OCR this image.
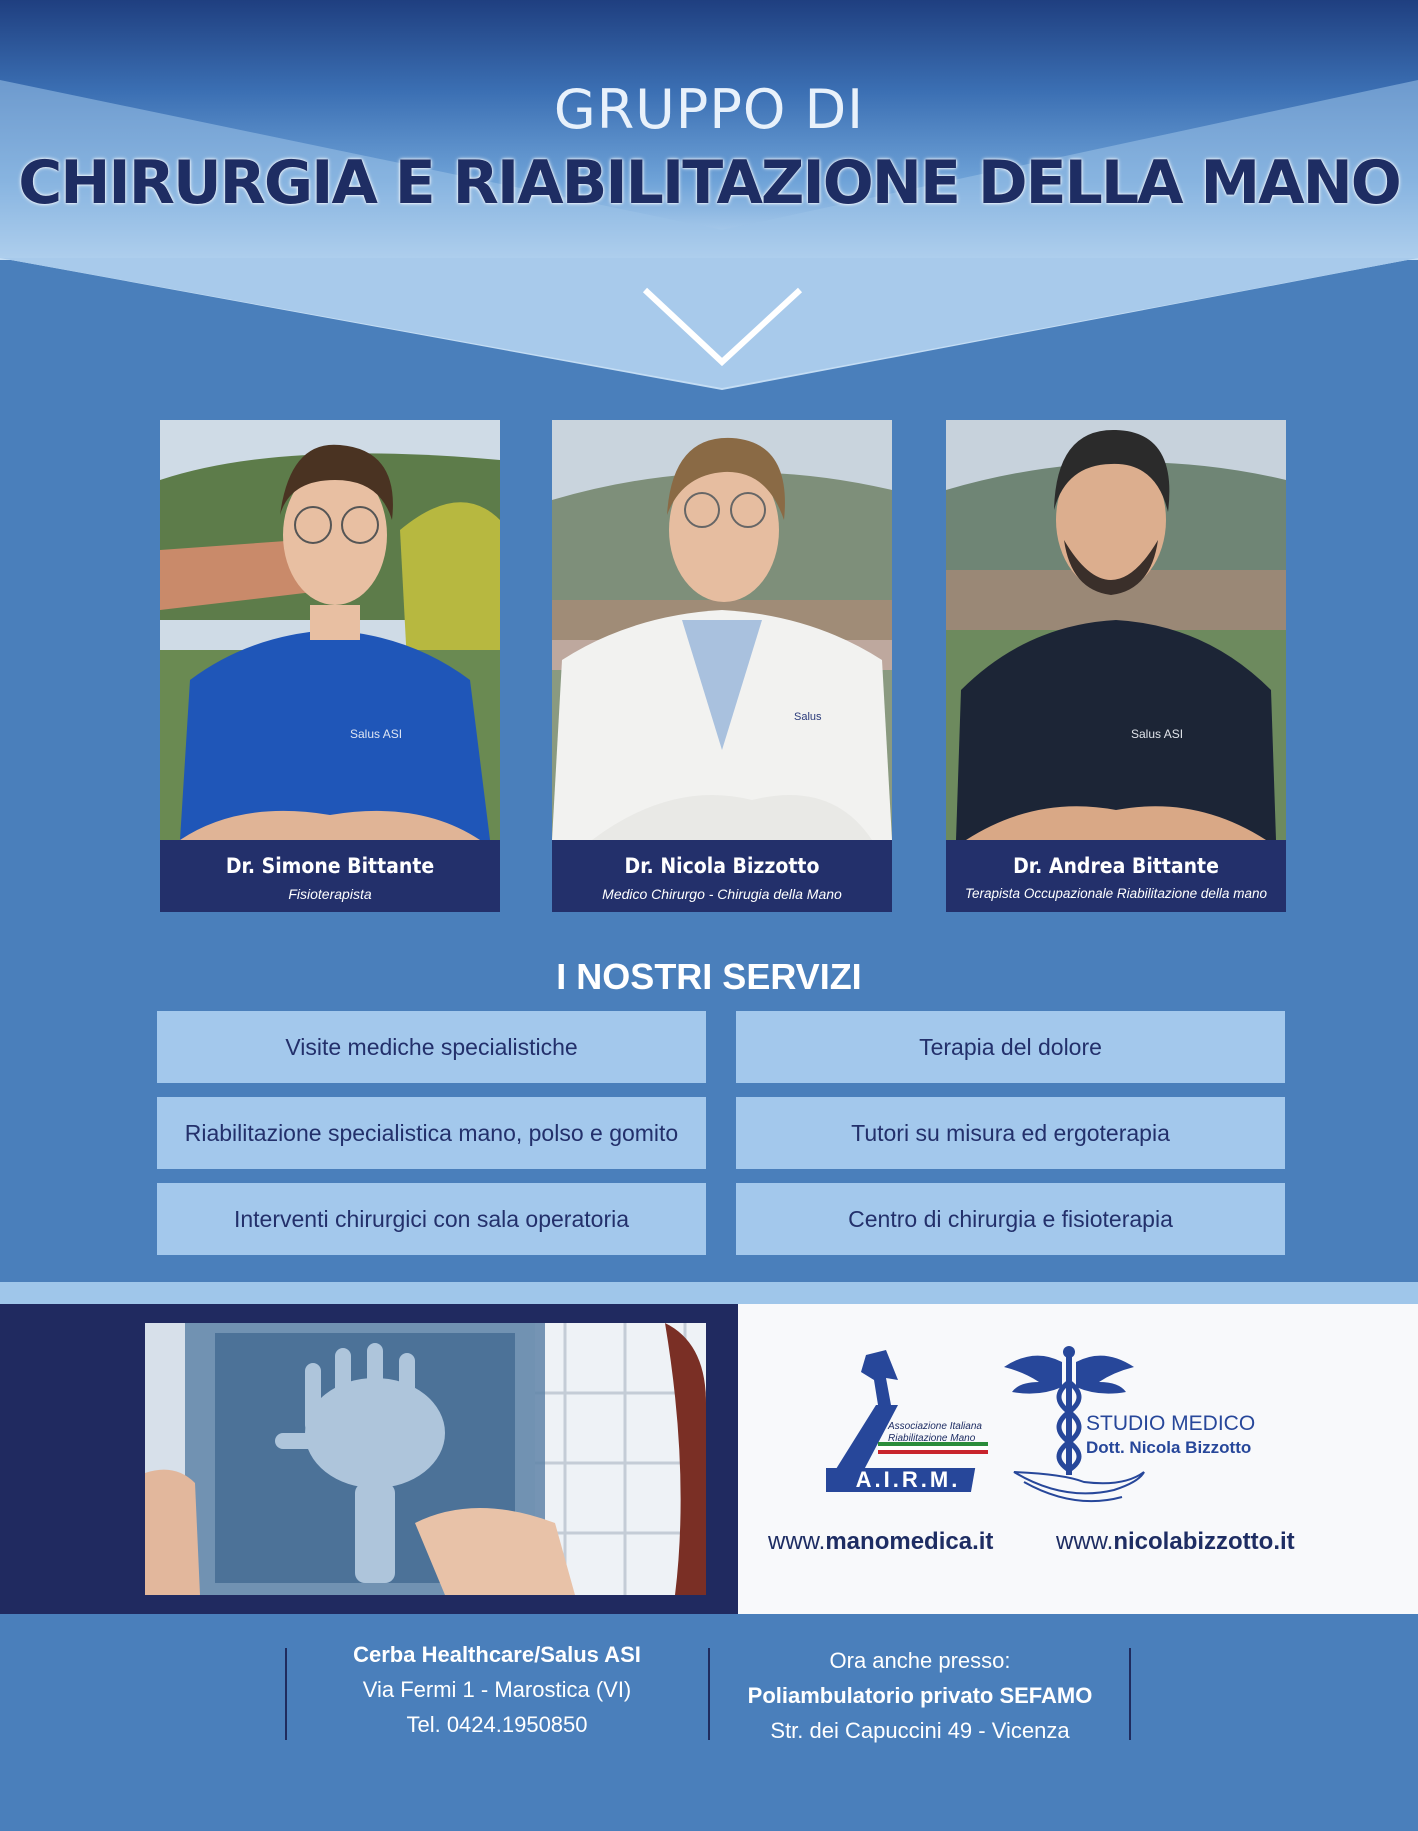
GRUPPO DI
CHIRURGIA E RIABILITAZIONE DELLA MANO
Salus ASI
Dr. Simone Bittante
Fisioterapista
Salus
Dr. Nicola Bizzotto
Medico Chirurgo - Chirugia della Mano
Salus ASI
Dr. Andrea Bittante
Terapista Occupazionale Riabilitazione della mano
I NOSTRI SERVIZI
Visite mediche specialistiche	Terapia del dolore
Riabilitazione specialistica mano, polso e gomito	Tutori su misura ed ergoterapia
Interventi chirurgici con sala operatoria	Centro di chirurgia e fisioterapia
Associazione Italiana
Riabilitazione Mano
A.I.R.M.
STUDIO MEDICO
Dott. Nicola Bizzotto
www.manomedica.it	www.nicolabizzotto.it
Cerba Healthcare/Salus ASI
Via Fermi 1 - Marostica (VI)
Tel. 0424.1950850
Ora anche presso:
Poliambulatorio privato SEFAMO
Str. dei Capuccini 49 - Vicenza
